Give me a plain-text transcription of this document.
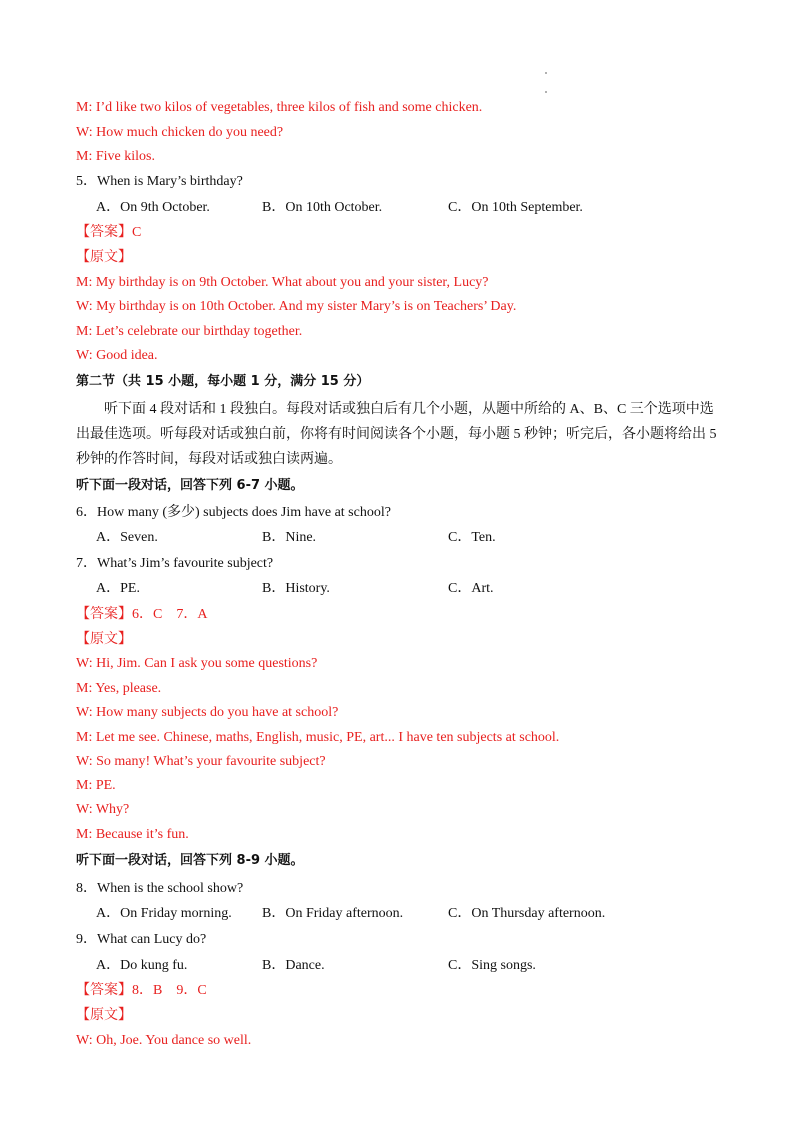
M: I’d like two kilos of vegetables, three kilos of fish and some chicken.
W: How much chicken do you need?
M: Five kilos.
5．When is Mary’s birthday?
A．On 9th October.	B．On 10th October.	C．On 10th September.
【答案】C
【原文】
M: My birthday is on 9th October. What about you and your sister, Lucy?
W: My birthday is on 10th October. And my sister Mary’s is on Teachers’ Day.
M: Let’s celebrate our birthday together.
W: Good idea.
第二节（共 15 小题，每小题 1 分，满分 15 分）
听下面 4 段对话和 1 段独白。每段对话或独白后有几个小题，从题中所给的 A、B、C 三个选项中选出最佳选项。听每段对话或独白前，你将有时间阅读各个小题，每小题 5 秒钟；听完后，各小题将给出 5 秒钟的作答时间，每段对话或独白读两遍。
听下面一段对话，回答下列 6-7 小题。
6．How many (多少) subjects does Jim have at school?
A．Seven.	B．Nine.	C．Ten.
7．What’s Jim’s favourite subject?
A．PE.	B．History.	C．Art.
【答案】6．C　7．A
【原文】
W: Hi, Jim. Can I ask you some questions?
M: Yes, please.
W: How many subjects do you have at school?
M: Let me see. Chinese, maths, English, music, PE, art... I have ten subjects at school.
W: So many! What’s your favourite subject?
M: PE.
W: Why?
M: Because it’s fun.
听下面一段对话，回答下列 8-9 小题。
8．When is the school show?
A．On Friday morning. B．On Friday afternoon.	C．On Thursday afternoon.
9．What can Lucy do?
A．Do kung fu.	B．Dance.	C．Sing songs.
【答案】8．B　9．C
【原文】
W: Oh, Joe. You dance so well.
